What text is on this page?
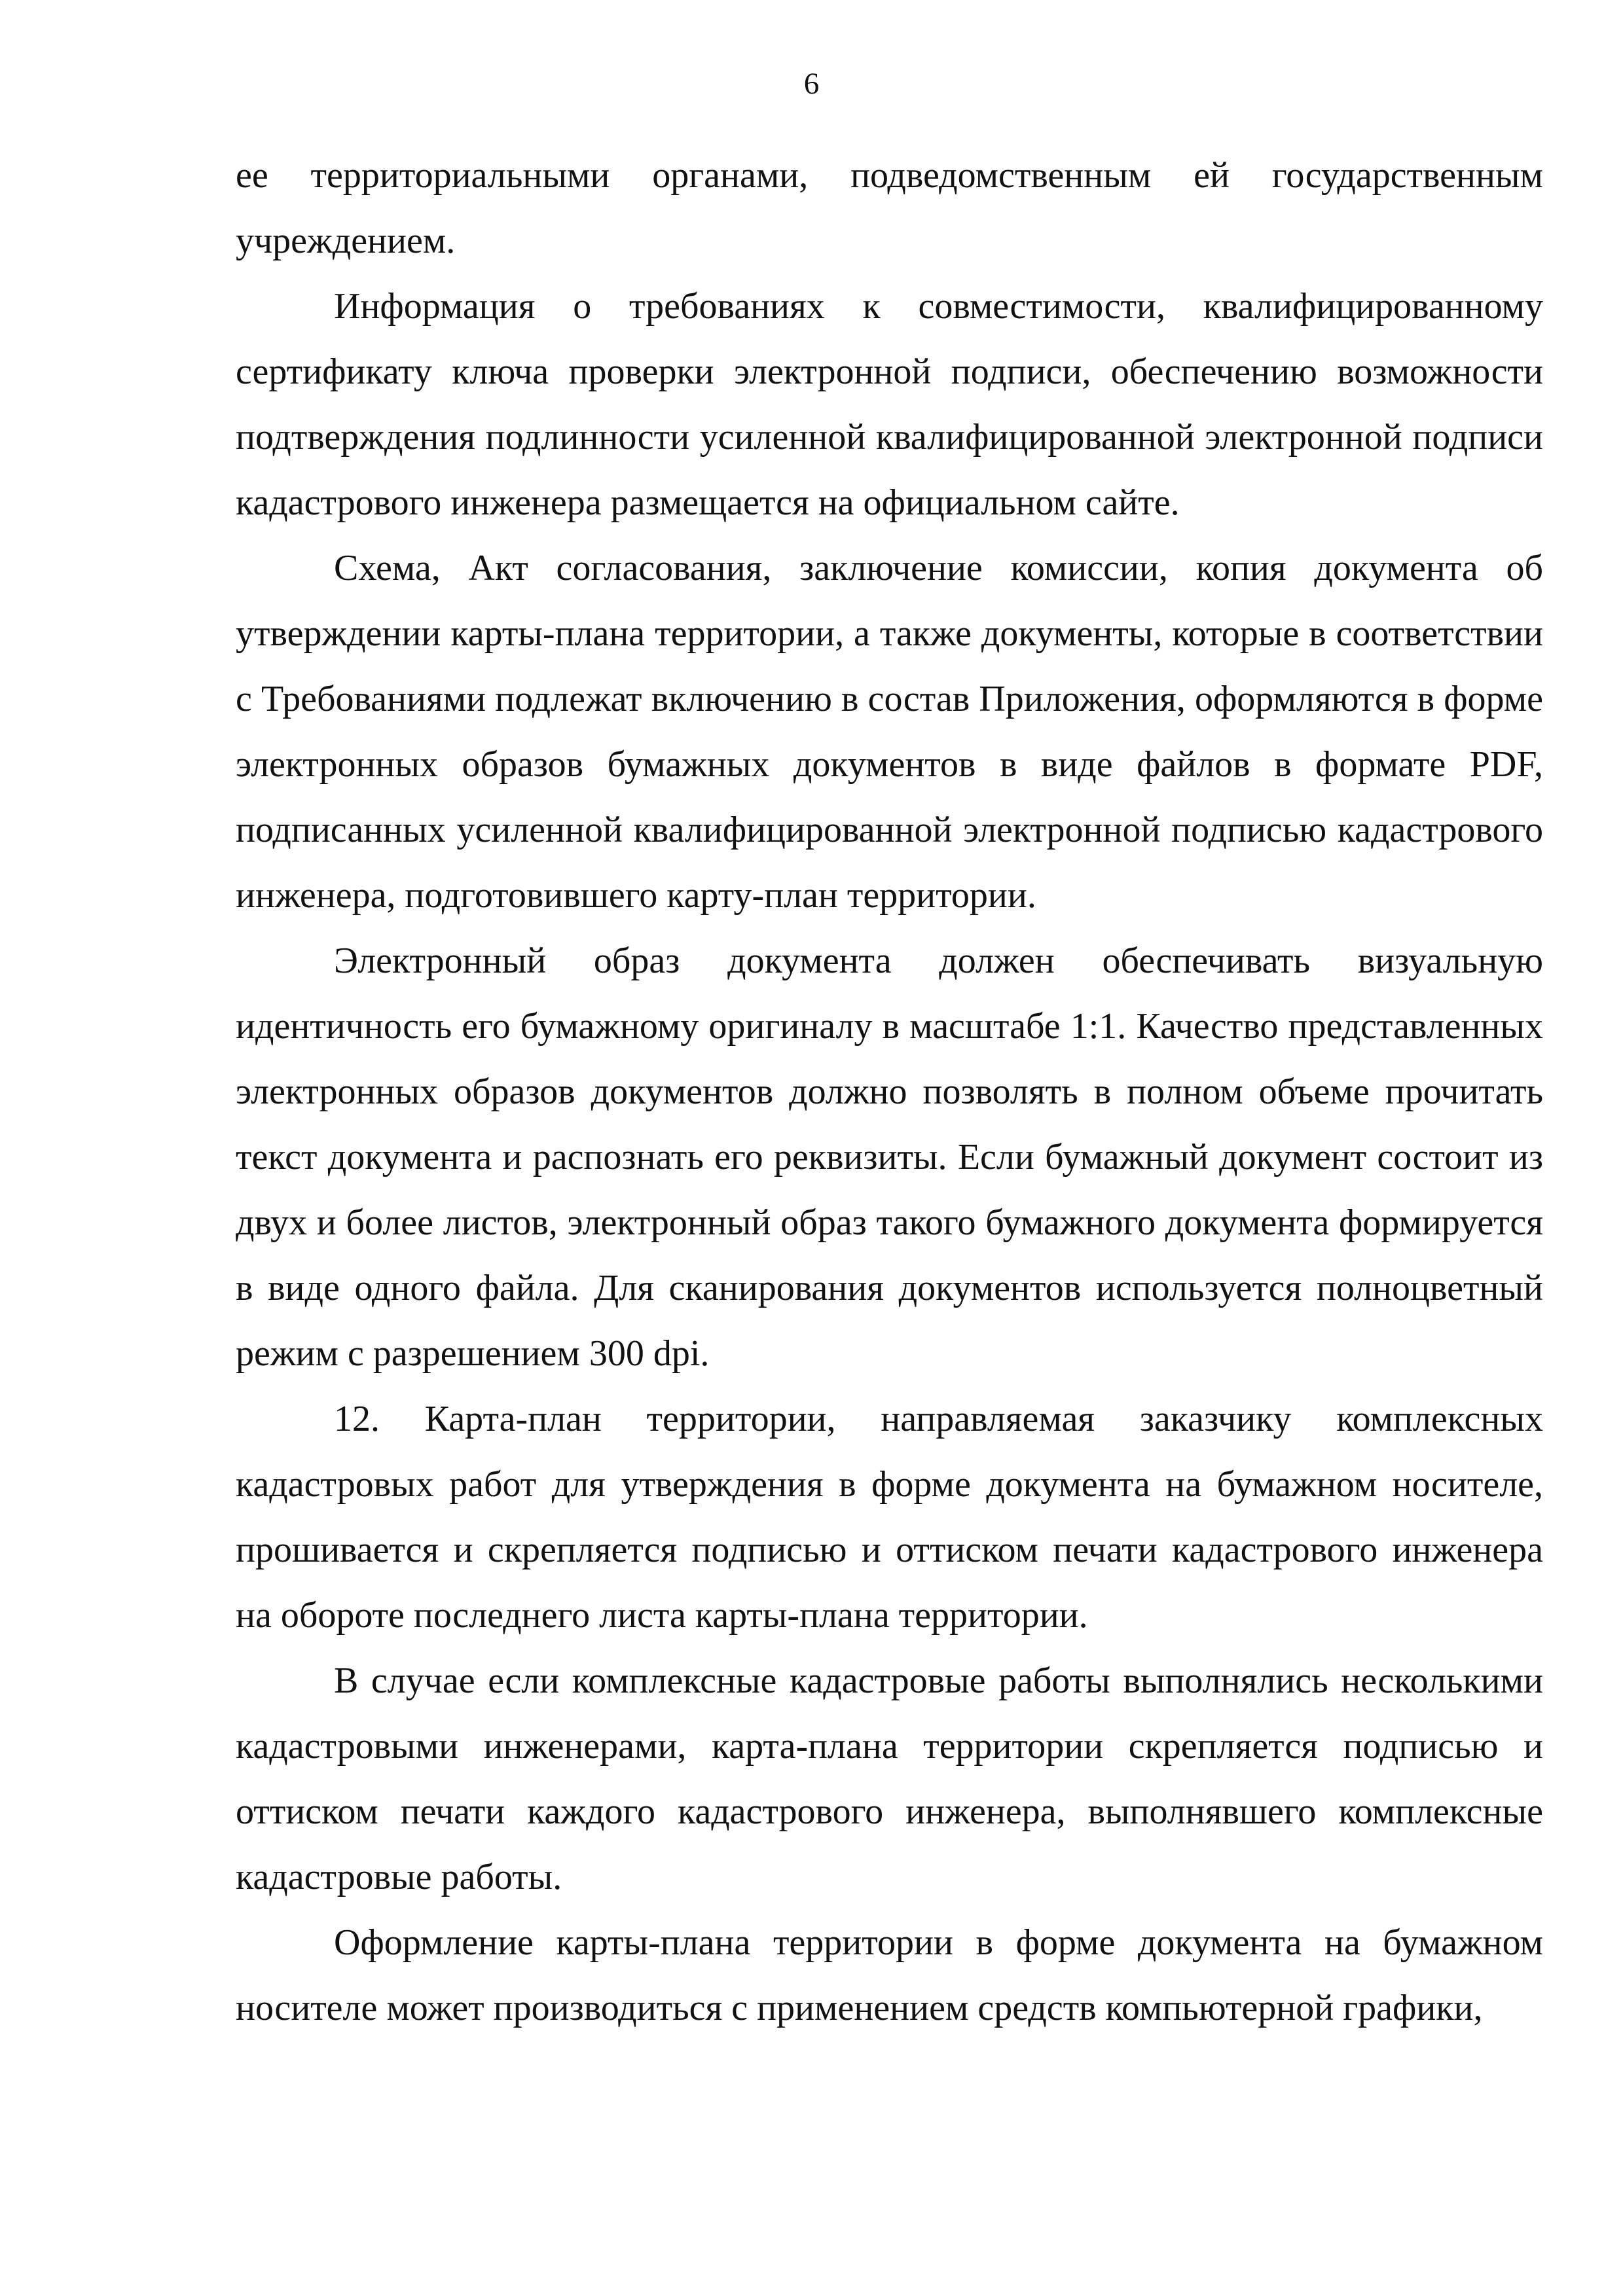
6

ее территориальными органами, подведомственным ей государственным учреждением.

Информация о требованиях к совместимости, квалифицированному сертификату ключа проверки электронной подписи, обеспечению возможности подтверждения подлинности усиленной квалифицированной электронной подписи кадастрового инженера размещается на официальном сайте.

Схема, Акт согласования, заключение комиссии, копия документа об утверждении карты-плана территории, а также документы, которые в соответствии с Требованиями подлежат включению в состав Приложения, оформляются в форме электронных образов бумажных документов в виде файлов в формате PDF, подписанных усиленной квалифицированной электронной подписью кадастрового инженера, подготовившего карту-план территории.

Электронный образ документа должен обеспечивать визуальную идентичность его бумажному оригиналу в масштабе 1:1. Качество представленных электронных образов документов должно позволять в полном объеме прочитать текст документа и распознать его реквизиты. Если бумажный документ состоит из двух и более листов, электронный образ такого бумажного документа формируется в виде одного файла. Для сканирования документов используется полноцветный режим с разрешением 300 dpi.

12. Карта-план территории, направляемая заказчику комплексных кадастровых работ для утверждения в форме документа на бумажном носителе, прошивается и скрепляется подписью и оттиском печати кадастрового инженера на обороте последнего листа карты-плана территории.

В случае если комплексные кадастровые работы выполнялись несколькими кадастровыми инженерами, карта-плана территории скрепляется подписью и оттиском печати каждого кадастрового инженера, выполнявшего комплексные кадастровые работы.

Оформление карты-плана территории в форме документа на бумажном носителе может производиться с применением средств компьютерной графики,
